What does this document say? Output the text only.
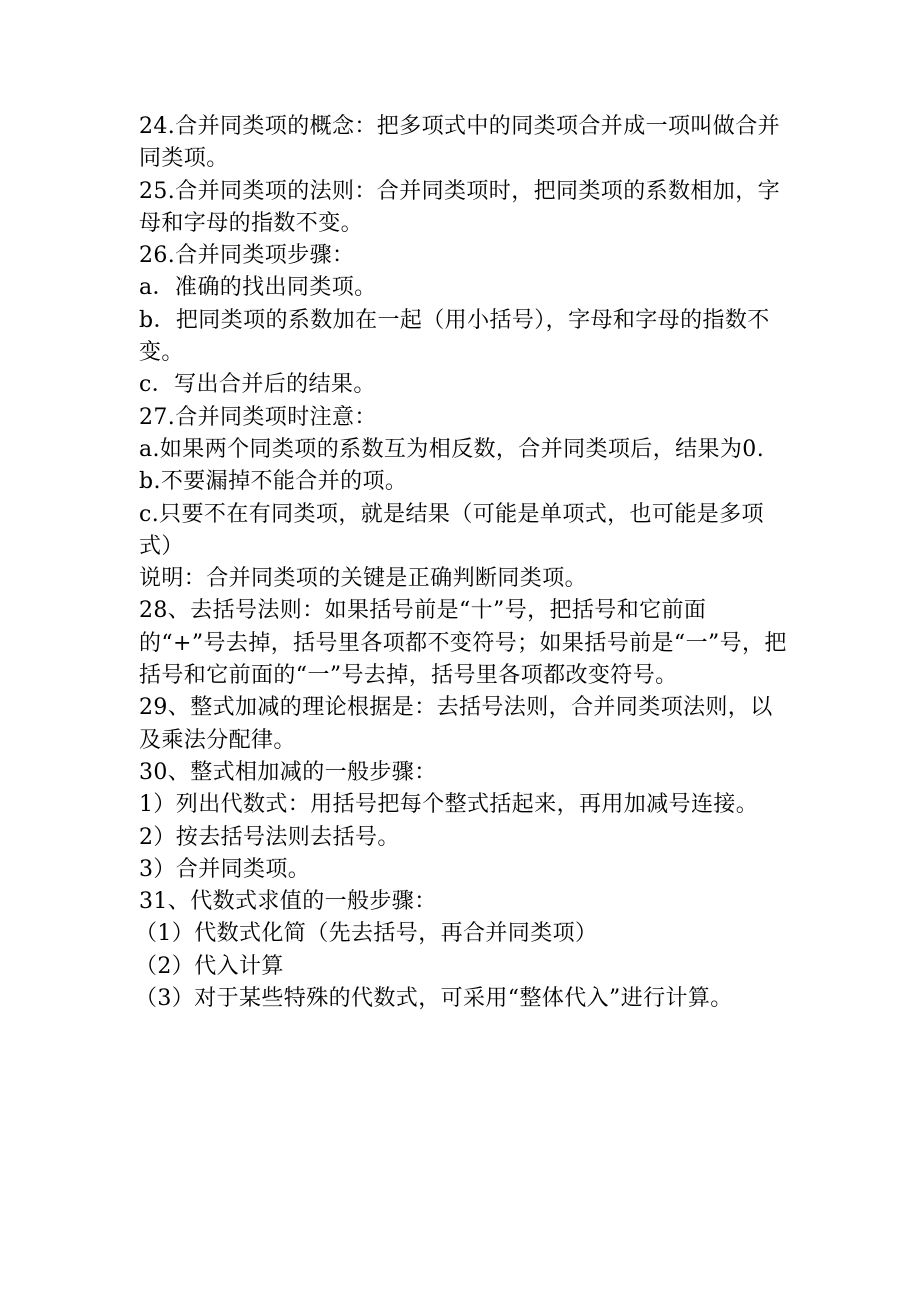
24.合并同类项的概念：把多项式中的同类项合并成一项叫做合并同类项。

25.合并同类项的法则：合并同类项时，把同类项的系数相加，字母和字母的指数不变。

26.合并同类项步骤：

a．准确的找出同类项。

b．把同类项的系数加在一起（用小括号），字母和字母的指数不变。

c．写出合并后的结果。

27.合并同类项时注意：

a.如果两个同类项的系数互为相反数，合并同类项后，结果为0.

b.不要漏掉不能合并的项。

c.只要不在有同类项，就是结果（可能是单项式，也可能是多项式）

说明：合并同类项的关键是正确判断同类项。

28、去括号法则：如果括号前是“十”号，把括号和它前面的“+”号去掉，括号里各项都不变符号；如果括号前是“一”号，把括号和它前面的“一”号去掉，括号里各项都改变符号。

29、整式加减的理论根据是：去括号法则，合并同类项法则，以及乘法分配律。

30、整式相加减的一般步骤：

1）列出代数式：用括号把每个整式括起来，再用加减号连接。

2）按去括号法则去括号。

3）合并同类项。

31、代数式求值的一般步骤：

（1）代数式化简（先去括号，再合并同类项）

（2）代入计算

（3）对于某些特殊的代数式，可采用“整体代入”进行计算。
